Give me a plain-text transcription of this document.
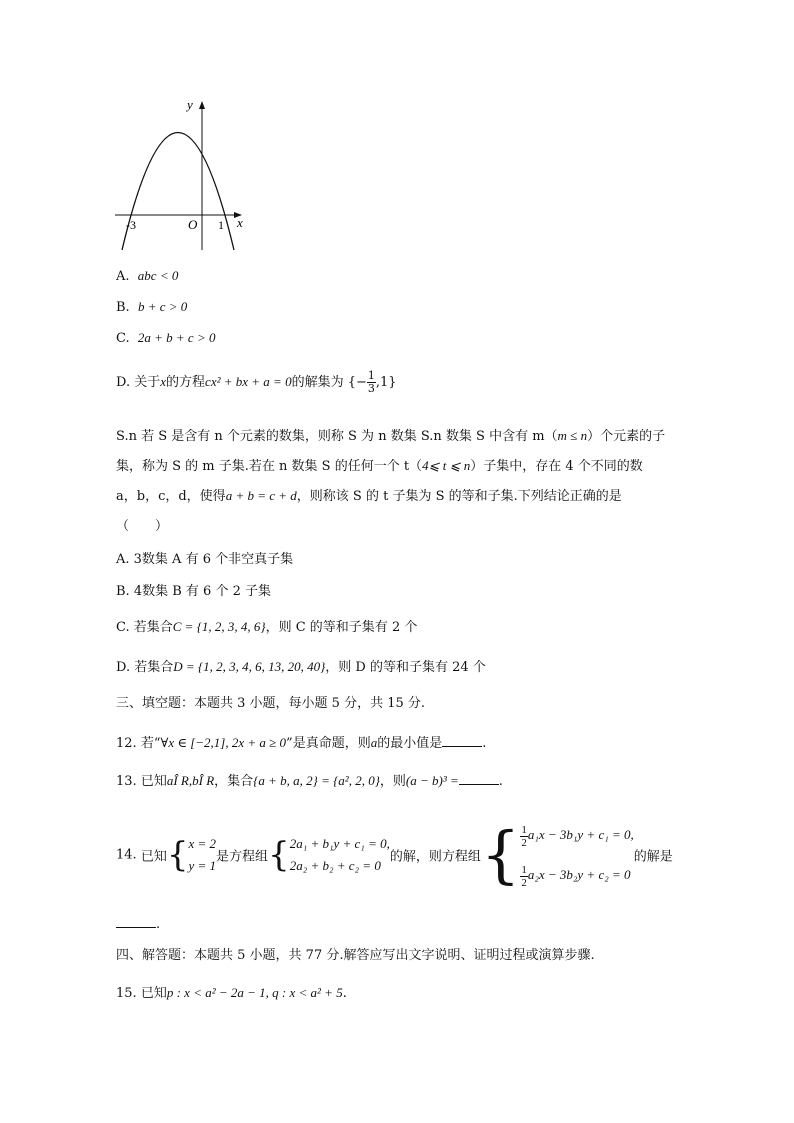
y
x
-3	O 1
A. abc < 0
B. b + c > 0
C. 2a + b + c > 0
D. 关于x的方程cx² + bx + a = 0的解集为 {− $\frac{1}{3} ,1$}
S.n 若 S 是含有 n 个元素的数集，则称 S 为 n 数集 S.n 数集 S 中含有 m（m ≤ n）个元素的子
集，称为 S 的 m 子集.若在 n 数集 S 的任何一个 t（4⩽ t ⩽ n）子集中，存在 4 个不同的数
a，b，c，d，使得a + b = c + d，则称该 S 的 t 子集为 S 的等和子集.下列结论正确的是
（　　）
A. 3数集 A 有 6 个非空真子集
B. 4数集 B 有 6 个 2 子集
C. 若集合C = {1, 2, 3, 4, 6}，则 C 的等和子集有 2 个
D. 若集合D = {1, 2, 3, 4, 6, 13, 20, 40}，则 D 的等和子集有 24 个
三、填空题：本题共 3 小题，每小题 5 分，共 15 分.
12. 若“∀x ∈ [−2,1], 2x + a ≥ 0”是真命题，则a的最小值是	.
13. 已知aÎ R,bÎ R，集合{a + b, a, 2} = {a², 2, 0}，则(a − b)³ =	.
14. 已知{x = 2
y = 1是方程组{2a₁ + b₁y + c₁ = 0,
2a₂ + b₂ + c₂ = 0的解，则方程组{ $\frac{1}{2} a_1x - 3b_1y + c_1 = 0$,

$\frac{1}{2} a_2x - 3b_2y + c_2 = 0$的解是
.
四、解答题：本题共 5 小题，共 77 分.解答应写出文字说明、证明过程或演算步骤.
15. 已知p : x < a² − 2a − 1, q : x < a² + 5.
